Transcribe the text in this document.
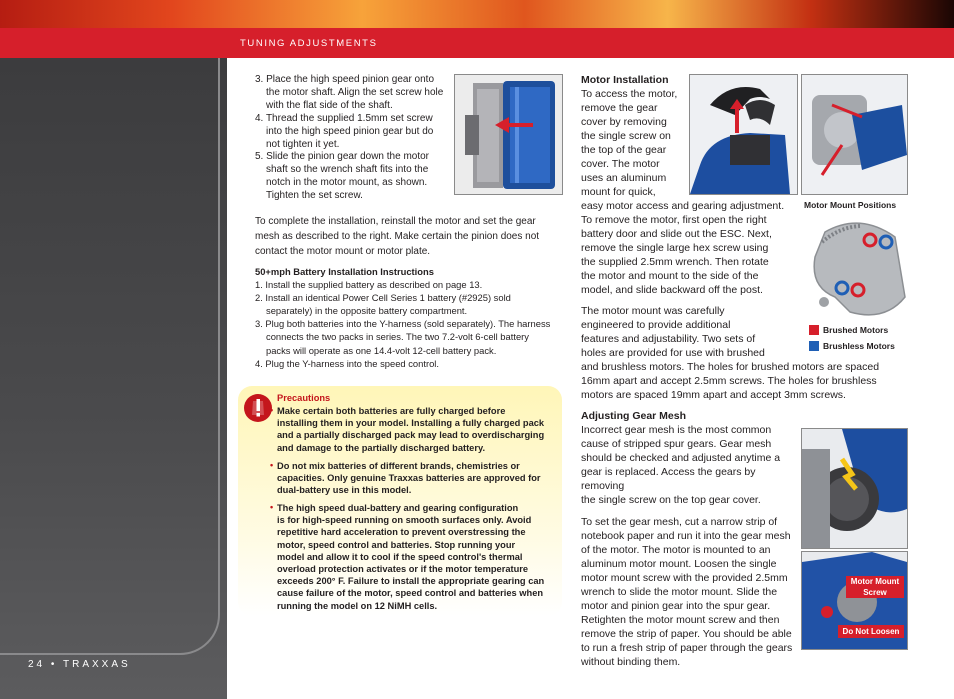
TUNING ADJUSTMENTS
24 • TRAXXAS
3. Place the high speed pinion gear onto
the motor shaft. Align the set screw hole
with the flat side of the shaft.
4. Thread the supplied 1.5mm set screw
into the high speed pinion gear but do
not tighten it yet.
5. Slide the pinion gear down the motor
shaft so the wrench shaft fits into the
notch in the motor mount, as shown.
Tighten the set screw.
To complete the installation, reinstall the motor and set the gear
mesh as described to the right. Make certain the pinion does not
contact the motor mount or motor plate.
50+mph Battery Installation Instructions
1. Install the supplied battery as described on page 13.
2. Install an identical Power Cell Series 1 battery (#2925) sold
separately) in the opposite battery compartment.
3. Plug both batteries into the Y-harness (sold separately). The harness
connects the two packs in series. The two 7.2-volt 6-cell battery
packs will operate as one 14.4-volt 12-cell battery pack.
4. Plug the Y-harness into the speed control.
Precautions
• Make certain both batteries are fully charged before
installing them in your model. Installing a fully charged pack
and a partially discharged pack may lead to overdischarging
and damage to the partially discharged battery.
• Do not mix batteries of different brands, chemistries or
capacities. Only genuine Traxxas batteries are approved for
dual-battery use in this model.
• The high speed dual-battery and gearing configuration
is for high-speed running on smooth surfaces only. Avoid
repetitive hard acceleration to prevent overstressing the
motor, speed control and batteries. Stop running your
model and allow it to cool if the speed control's thermal
overload protection activates or if the motor temperature
exceeds 200° F. Failure to install the appropriate gearing can
cause failure of the motor, speed control and batteries when
running the model on 12 NiMH cells.
Motor Installation
To access the motor,
remove the gear
cover by removing
the single screw on
the top of the gear
cover. The motor
uses an aluminum
mount for quick,
easy motor access and gearing adjustment.
To remove the motor, first open the right
battery door and slide out the ESC. Next,
remove the single large hex screw using
the supplied 2.5mm wrench. Then rotate
the motor and mount to the side of the
model, and slide backward off the post.
Motor Mount Positions
Brushed Motors
Brushless Motors
The motor mount was carefully
engineered to provide additional
features and adjustability. Two sets of
holes are provided for use with brushed
and brushless motors. The holes for brushed motors are spaced
16mm apart and accept 2.5mm screws. The holes for brushless
motors are spaced 19mm apart and accept 3mm screws.
Adjusting Gear Mesh
Incorrect gear mesh is the most common
cause of stripped spur gears. Gear mesh
should be checked and adjusted anytime a
gear is replaced. Access the gears by removing
the single screw on the top gear cover.
To set the gear mesh, cut a narrow strip of
notebook paper and run it into the gear mesh
of the motor. The motor is mounted to an
aluminum motor mount. Loosen the single
motor mount screw with the provided 2.5mm
wrench to slide the motor mount. Slide the
motor and pinion gear into the spur gear.
Retighten the motor mount screw and then
remove the strip of paper. You should be able
to run a fresh strip of paper through the gears
without binding them.
Motor Mount
Screw
Do Not Loosen
